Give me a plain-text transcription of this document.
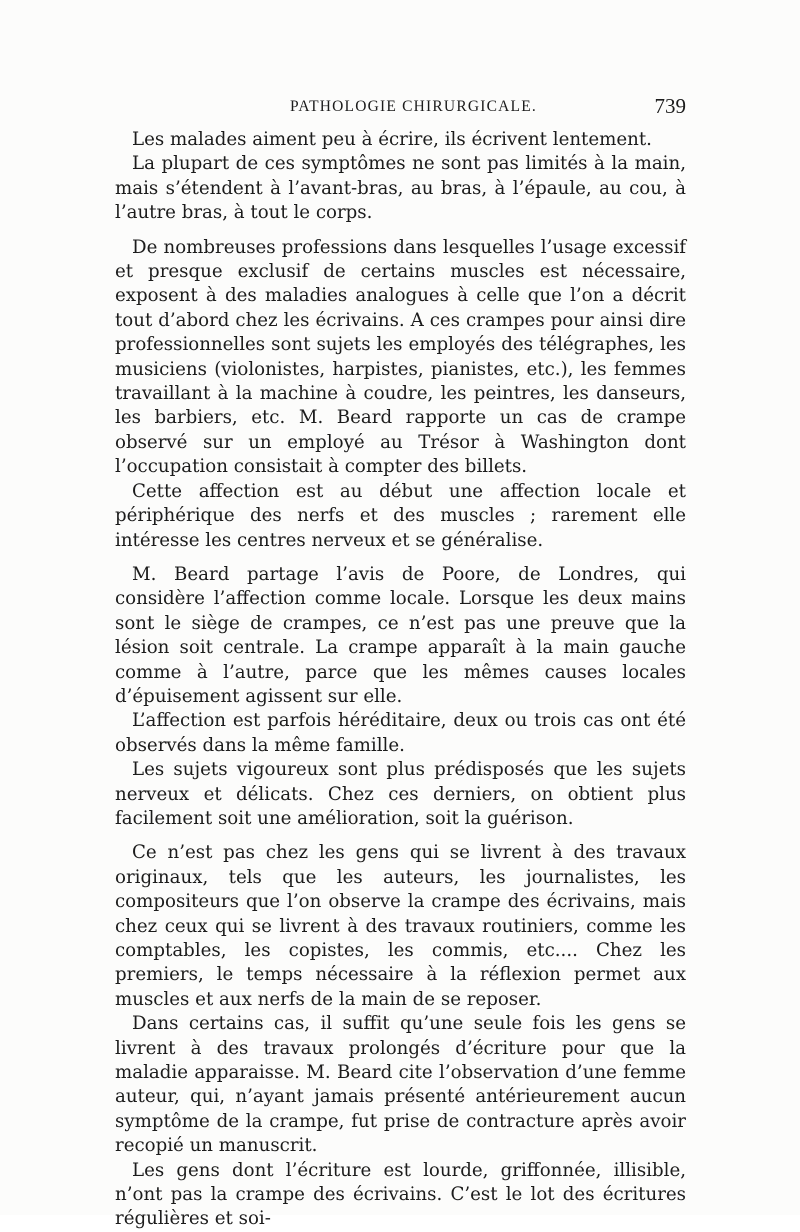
PATHOLOGIE CHIRURGICALE.	739

Les malades aiment peu à écrire, ils écrivent lentement.

La plupart de ces symptômes ne sont pas limités à la main, mais s’étendent à l’avant-bras, au bras, à l’épaule, au cou, à l’autre bras, à tout le corps.

De nombreuses professions dans lesquelles l’usage excessif et presque exclusif de certains muscles est nécessaire, exposent à des maladies analogues à celle que l’on a décrit tout d’abord chez les écrivains. A ces crampes pour ainsi dire professionnelles sont sujets les employés des télégraphes, les musiciens (violonistes, harpistes, pianistes, etc.), les femmes travaillant à la machine à coudre, les peintres, les danseurs, les barbiers, etc. M. Beard rapporte un cas de crampe observé sur un employé au Trésor à Washington dont l’occupation consistait à compter des billets.

Cette affection est au début une affection locale et périphérique des nerfs et des muscles ; rarement elle intéresse les centres nerveux et se généralise.

M. Beard partage l’avis de Poore, de Londres, qui considère l’affection comme locale. Lorsque les deux mains sont le siège de crampes, ce n’est pas une preuve que la lésion soit centrale. La crampe apparaît à la main gauche comme à l’autre, parce que les mêmes causes locales d’épuisement agissent sur elle.

L’affection est parfois héréditaire, deux ou trois cas ont été observés dans la même famille.

Les sujets vigoureux sont plus prédisposés que les sujets nerveux et délicats. Chez ces derniers, on obtient plus facilement soit une amélioration, soit la guérison.

Ce n’est pas chez les gens qui se livrent à des travaux originaux, tels que les auteurs, les journalistes, les compositeurs que l’on observe la crampe des écrivains, mais chez ceux qui se livrent à des travaux routiniers, comme les comptables, les copistes, les commis, etc.... Chez les premiers, le temps nécessaire à la réflexion permet aux muscles et aux nerfs de la main de se reposer.

Dans certains cas, il suffit qu’une seule fois les gens se livrent à des travaux prolongés d’écriture pour que la maladie apparaisse. M. Beard cite l’observation d’une femme auteur, qui, n’ayant jamais présenté antérieurement aucun symptôme de la crampe, fut prise de contracture après avoir recopié un manuscrit.

Les gens dont l’écriture est lourde, griffonnée, illisible, n’ont pas la crampe des écrivains. C’est le lot des écritures régulières et soi-
